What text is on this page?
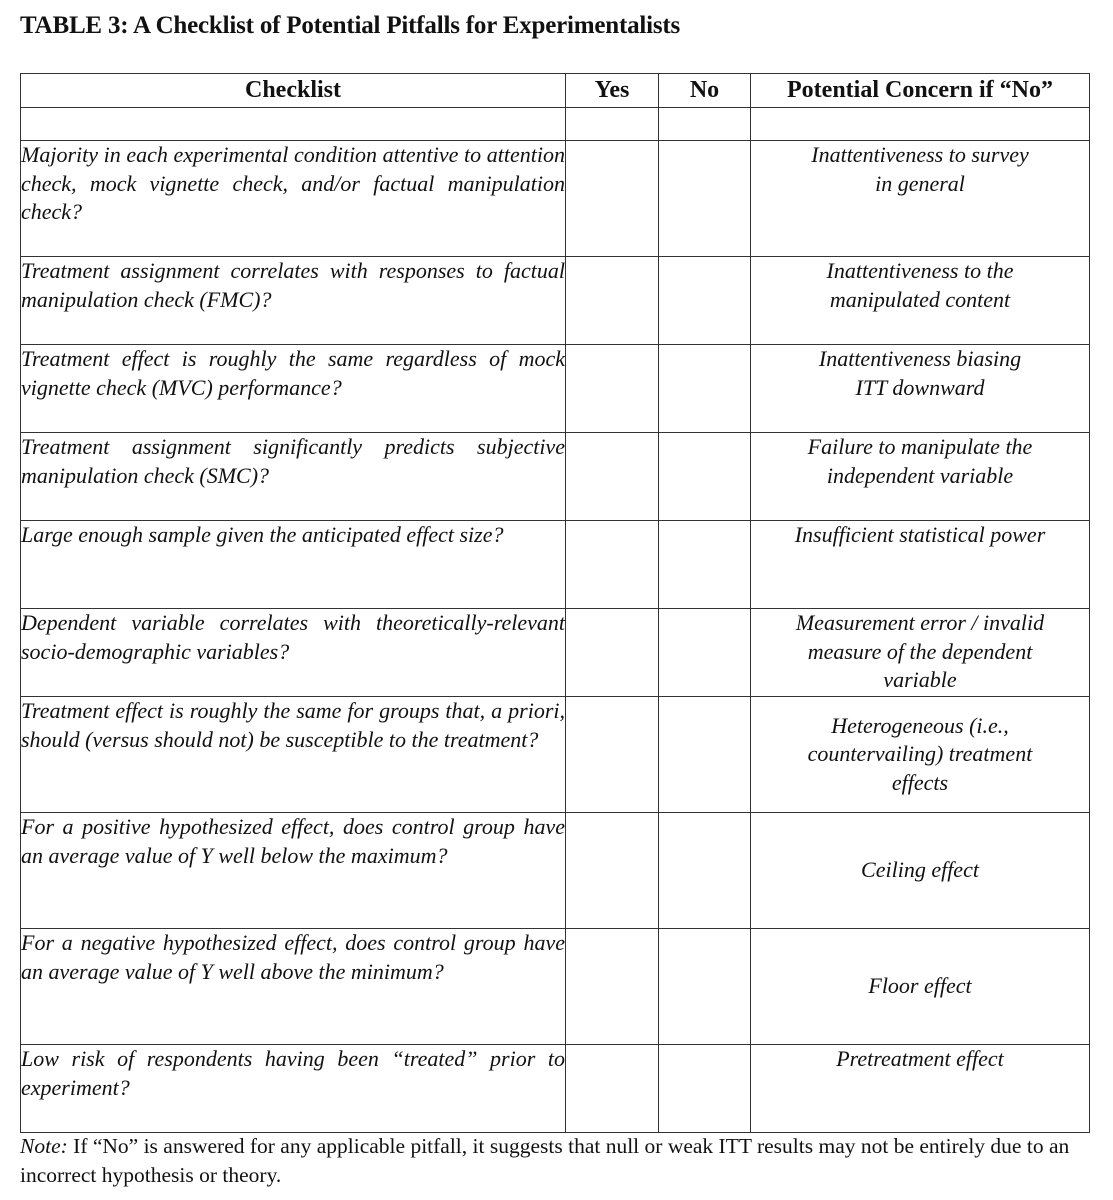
TABLE 3: A Checklist of Potential Pitfalls for Experimentalists
Checklist	Yes	No	Potential Concern if “No”

Majority in each experimental condition attentive to attention check, mock vignette check, and/or factual manipulation check?			Inattentiveness to survey
in general

Treatment assignment correlates with responses to factual manipulation check (FMC)?			Inattentiveness to the
manipulated content

Treatment effect is roughly the same regardless of mock vignette check (MVC) performance?			Inattentiveness biasing
ITT downward

Treatment assignment significantly predicts subjective manipulation check (SMC)?			Failure to manipulate the
independent variable

Large enough sample given the anticipated effect size?			Insufficient statistical power

Dependent variable correlates with theoretically-relevant socio-demographic variables?			Measurement error / invalid
measure of the dependent
variable

Treatment effect is roughly the same for groups that, a priori, should (versus should not) be susceptible to the treatment?			Heterogeneous (i.e.,
countervailing) treatment
effects

For a positive hypothesized effect, does control group have an average value of Y well below the maximum?			Ceiling effect

For a negative hypothesized effect, does control group have an average value of Y well above the minimum?			Floor effect

Low risk of respondents having been “treated” prior to experiment?			Pretreatment effect
Note: If “No” is answered for any applicable pitfall, it suggests that null or weak ITT results may not be entirely due to an incorrect hypothesis or theory.
